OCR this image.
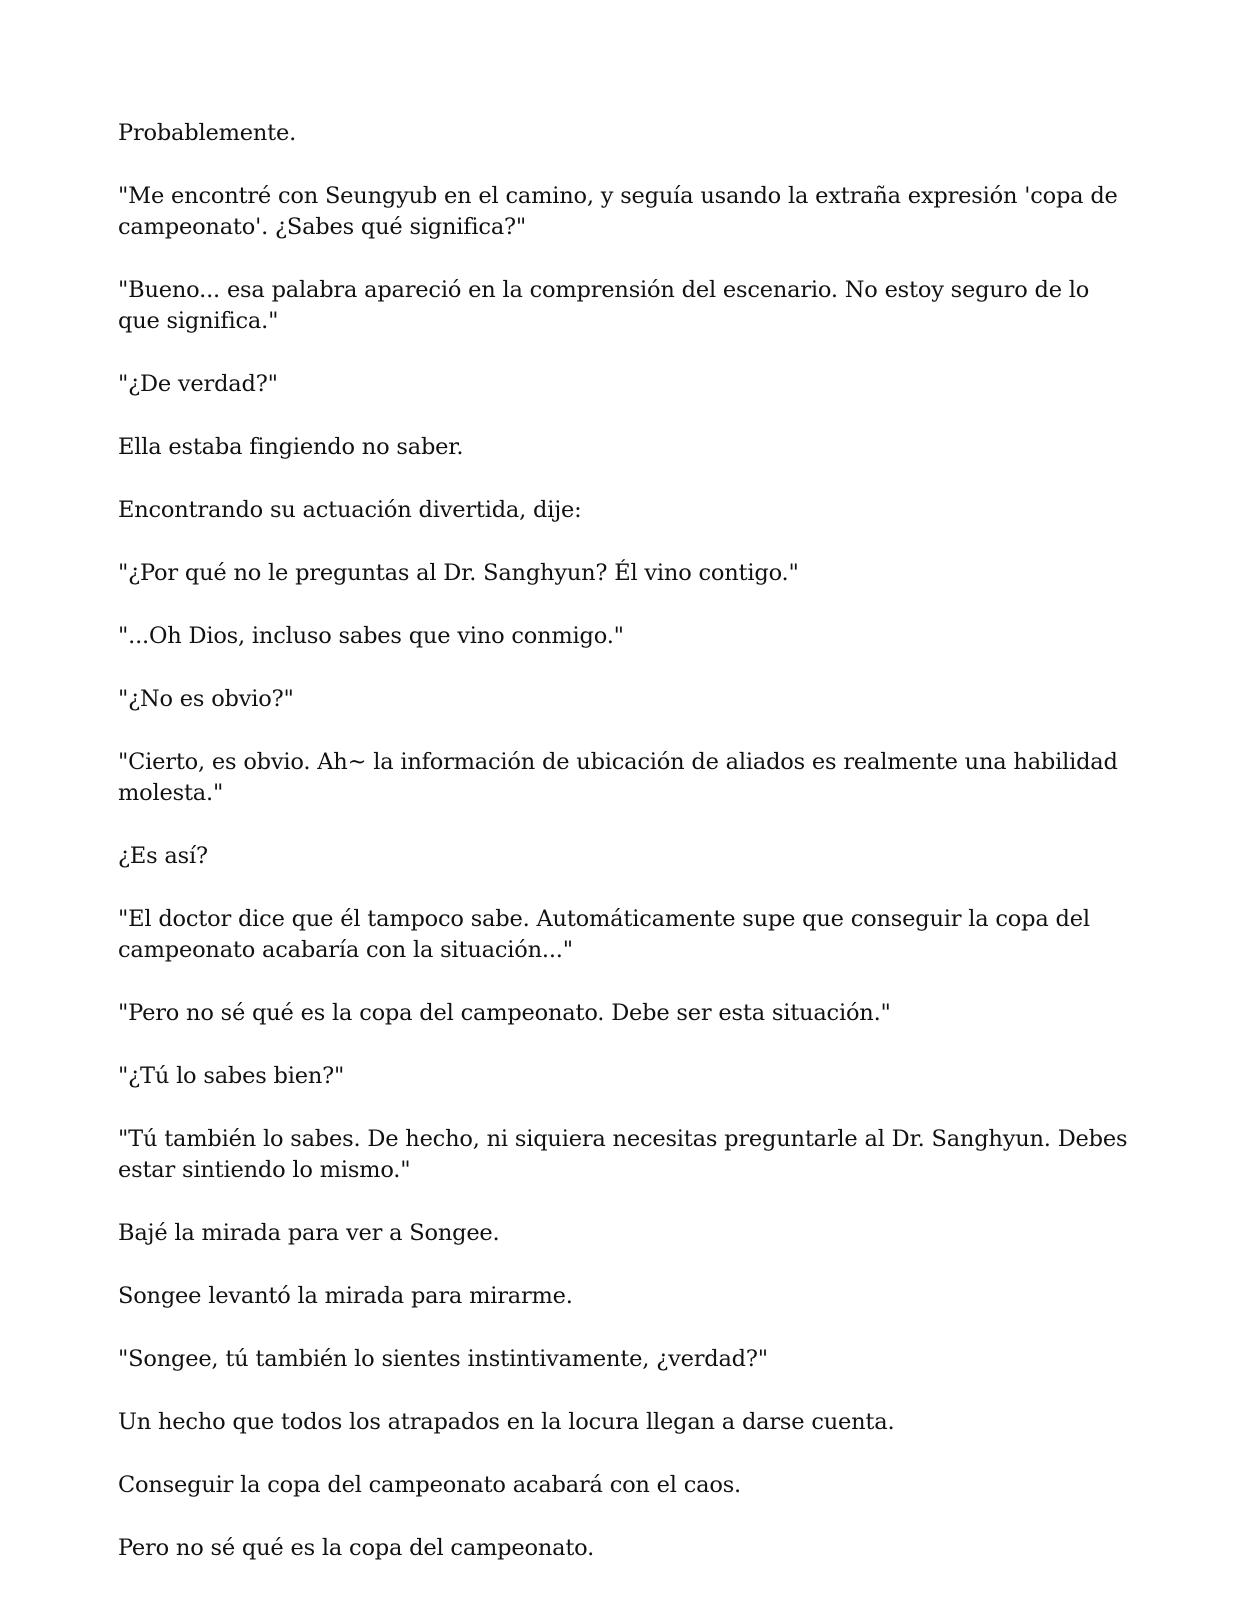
Probablemente.

"Me encontré con Seungyub en el camino, y seguía usando la extraña expresión 'copa de campeonato'. ¿Sabes qué significa?"

"Bueno... esa palabra apareció en la comprensión del escenario. No estoy seguro de lo que significa."

"¿De verdad?"

Ella estaba fingiendo no saber.

Encontrando su actuación divertida, dije:

"¿Por qué no le preguntas al Dr. Sanghyun? Él vino contigo."

"...Oh Dios, incluso sabes que vino conmigo."

"¿No es obvio?"

"Cierto, es obvio. Ah~ la información de ubicación de aliados es realmente una habilidad molesta."

¿Es así?

"El doctor dice que él tampoco sabe. Automáticamente supe que conseguir la copa del campeonato acabaría con la situación..."

"Pero no sé qué es la copa del campeonato. Debe ser esta situación."

"¿Tú lo sabes bien?"

"Tú también lo sabes. De hecho, ni siquiera necesitas preguntarle al Dr. Sanghyun. Debes estar sintiendo lo mismo."

Bajé la mirada para ver a Songee.

Songee levantó la mirada para mirarme.

"Songee, tú también lo sientes instintivamente, ¿verdad?"

Un hecho que todos los atrapados en la locura llegan a darse cuenta.

Conseguir la copa del campeonato acabará con el caos.

Pero no sé qué es la copa del campeonato.
